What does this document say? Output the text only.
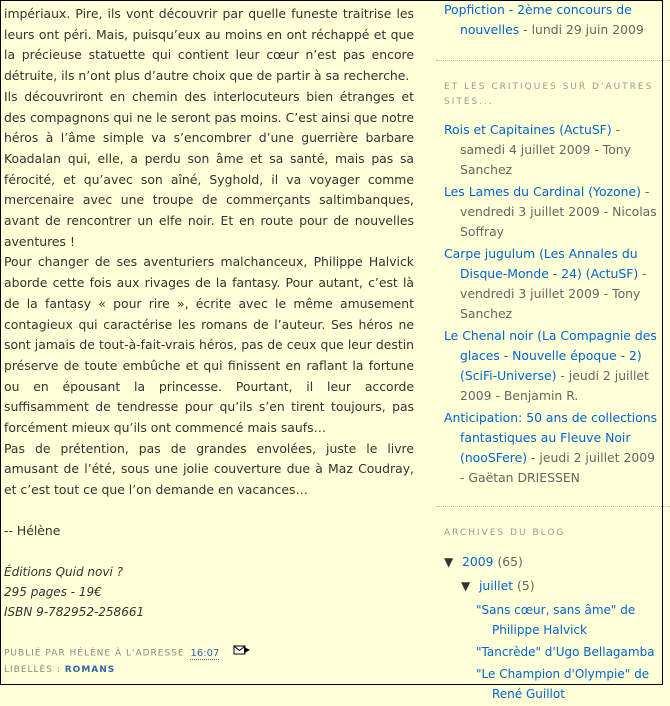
impériaux. Pire, ils vont découvrir par quelle funeste traitrise les leurs ont péri. Mais, puisqu’eux au moins en ont réchappé et que la précieuse statuette qui contient leur cœur n’est pas encore détruite, ils n’ont plus d’autre choix que de partir à sa recherche.

Ils découvriront en chemin des interlocuteurs bien étranges et des compagnons qui ne le seront pas moins. C’est ainsi que notre héros à l’âme simple va s’encombrer d’une guerrière barbare Koadalan qui, elle, a perdu son âme et sa santé, mais pas sa férocité, et qu’avec son aîné, Syghold, il va voyager comme mercenaire avec une troupe de commerçants saltimbanques, avant de rencontrer un elfe noir. Et en route pour de nouvelles aventures !

Pour changer de ses aventuriers malchanceux, Philippe Halvick aborde cette fois aux rivages de la fantasy. Pour autant, c’est là de la fantasy « pour rire », écrite avec le même amusement contagieux qui caractérise les romans de l’auteur. Ses héros ne sont jamais de tout-à-fait-vrais héros, pas de ceux que leur destin préserve de toute embûche et qui finissent en raflant la fortune ou en épousant la princesse. Pourtant, il leur accorde suffisamment de tendresse pour qu’ils s’en tirent toujours, pas forcément mieux qu’ils ont commencé mais saufs…

Pas de prétention, pas de grandes envolées, juste le livre amusant de l’été, sous une jolie couverture due à Maz Coudray, et c’est tout ce que l’on demande en vacances…

-- Hélène

Éditions Quid novi ?
295 pages - 19€
ISBN 9-782952-258661
PUBLIÉ PAR HÉLÈNE À L'ADRESSE 16:07
LIBELLÉS : ROMANS

Popfiction - 2ème concours de nouvelles - lundi 29 juin 2009

ET LES CRITIQUES SUR D'AUTRES SITES...

Rois et Capitaines (ActuSF) - samedi 4 juillet 2009 - Tony Sanchez

Les Lames du Cardinal (Yozone) - vendredi 3 juillet 2009 - Nicolas Soffray

Carpe jugulum (Les Annales du Disque-Monde - 24) (ActuSF) - vendredi 3 juillet 2009 - Tony Sanchez

Le Chenal noir (La Compagnie des glaces - Nouvelle époque - 2) (SciFi-Universe) - jeudi 2 juillet 2009 - Benjamin R.

Anticipation: 50 ans de collections fantastiques au Fleuve Noir (nooSFere) - jeudi 2 juillet 2009 - Gaëtan DRIESSEN

ARCHIVES DU BLOG

▼ 2009 (65)
▼ juillet (5)

"Sans cœur, sans âme" de Philippe Halvick

"Tancrède" d'Ugo Bellagamba

"Le Champion d'Olympie" de René Guillot
